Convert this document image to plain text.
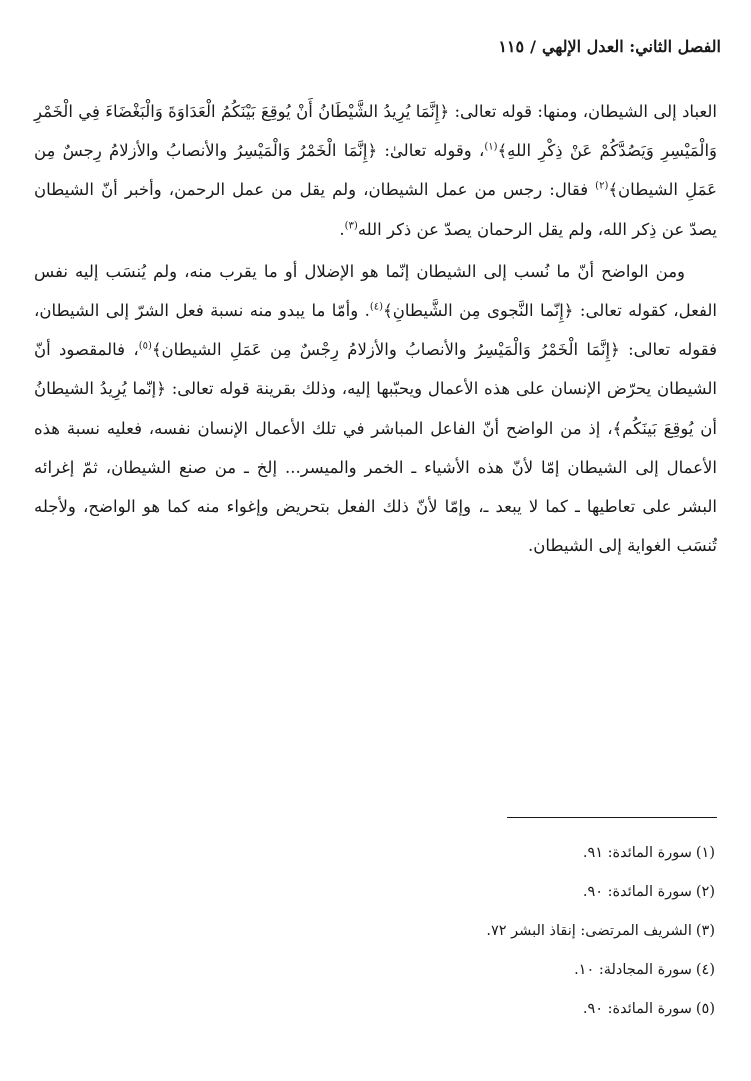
الفصل الثاني: العدل الإلهي/١١٥

العباد إلى الشيطان، ومنها: قوله تعالى: ﴿إِنَّمَا يُرِيدُ الشَّيْطَانُ أَنْ يُوقِعَ بَيْنَكُمُ الْعَدَاوَةَ وَالْبَغْضَاءَ فِي الْخَمْرِ وَالْمَيْسِرِ وَيَصُدَّكُمْ عَنْ ذِكْرِ اللهِ﴾$^{(١)}$، وقوله تعالىٰ: ﴿إِنَّمَا الْخَمْرُ وَالْمَيْسِرُ والأنصابُ والأزلامُ رِجسٌ مِن عَمَلِ الشيطان﴾$^{(٢)}$ فقال: رجس من عمل الشيطان، ولم يقل من عمل الرحمن، وأخبر أنّ الشيطان يصدّ عن ذِكر الله، ولم يقل الرحمان يصدّ عن ذكر الله$^{(٣)}$.

ومن الواضح أنّ ما نُسب إلى الشيطان إنّما هو الإضلال أو ما يقرب منه، ولم يُنسَب إليه نفس الفعل، كقوله تعالى: ﴿إِنّما النَّجوى مِن الشَّيطانِ﴾$^{(٤)}$. وأمّا ما يبدو منه نسبة فعل الشرّ إلى الشيطان، فقوله تعالى: ﴿إِنَّمَا الْخَمْرُ وَالْمَيْسِرُ والأنصابُ والأزلامُ رِجْسٌ مِن عَمَلِ الشيطان﴾$^{(٥)}$، فالمقصود أنّ الشيطان يحرّض الإنسان على هذه الأعمال ويحبّبها إليه، وذلك بقرينة قوله تعالى: ﴿إنّما يُرِيدُ الشيطانُ أن يُوقِعَ بَينَكُم﴾، إذ من الواضح أنّ الفاعل المباشر في تلك الأعمال الإنسان نفسه، فعليه نسبة هذه الأعمال إلى الشيطان إمّا لأنّ هذه الأشياء ـ الخمر والميسر... إلخ ـ من صنع الشيطان، ثمّ إغرائه البشر على تعاطيها ـ كما لا يبعد ـ، وإمّا لأنّ ذلك الفعل بتحريض وإغواء منه كما هو الواضح، ولأجله تُنسَب الغواية إلى الشيطان.

(١)سورة المائدة: ٩١.
(٢)سورة المائدة: ٩٠.
(٣)الشريف المرتضى: إنقاذ البشر ٧٢.
(٤)سورة المجادلة: ١٠.
(٥)سورة المائدة: ٩٠.
